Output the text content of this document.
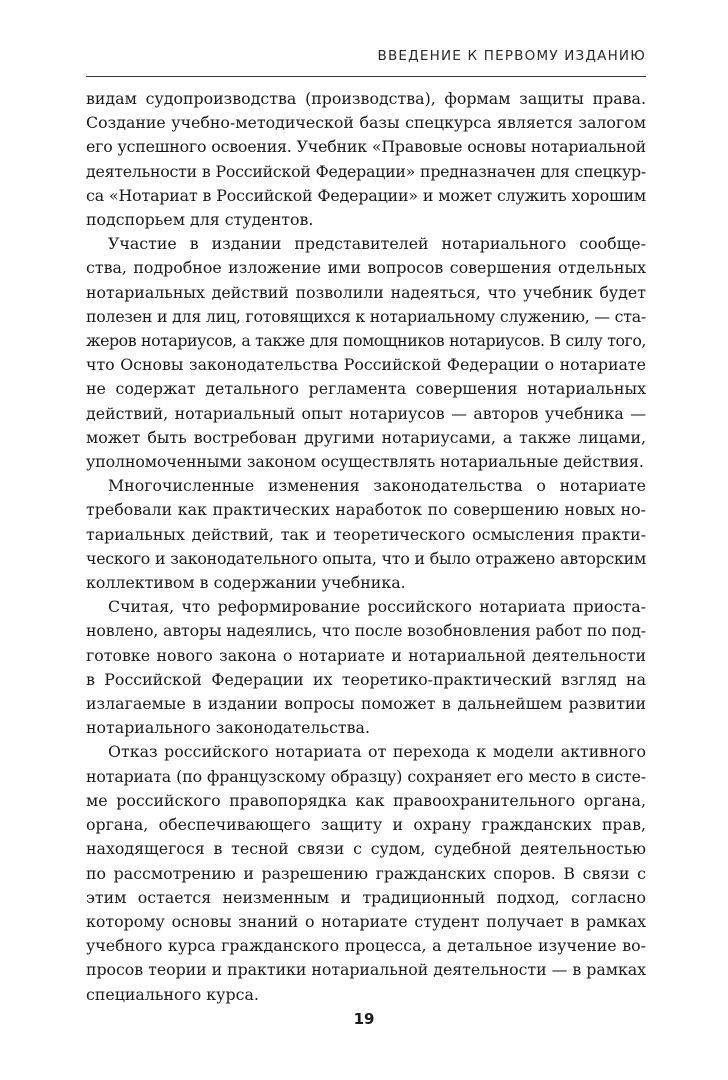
ВВЕДЕНИЕ К ПЕРВОМУ ИЗДАНИЮ
видам судопроизводства (производства), формам защиты права.
Создание учебно-методической базы спецкурса является залогом
его успешного освоения. Учебник «Правовые основы нотариальной
деятельности в Российской Федерации» предназначен для спецкур-
са «Нотариат в Российской Федерации» и может служить хорошим
подспорьем для студентов.
Участие в издании представителей нотариального сообще-
ства, подробное изложение ими вопросов совершения отдельных
нотариальных действий позволили надеяться, что учебник будет
полезен и для лиц, готовящихся к нотариальному служению, — ста-
жеров нотариусов, а также для помощников нотариусов. В силу того,
что Основы законодательства Российской Федерации о нотариате
не содержат детального регламента совершения нотариальных
действий, нотариальный опыт нотариусов — авторов учебника —
может быть востребован другими нотариусами, а также лицами,
уполномоченными законом осуществлять нотариальные действия.
Многочисленные изменения законодательства о нотариате
требовали как практических наработок по совершению новых но-
тариальных действий, так и теоретического осмысления практи-
ческого и законодательного опыта, что и было отражено авторским
коллективом в содержании учебника.
Считая, что реформирование российского нотариата приоста-
новлено, авторы надеялись, что после возобновления работ по под-
готовке нового закона о нотариате и нотариальной деятельности
в Российской Федерации их теоретико-практический взгляд на
излагаемые в издании вопросы поможет в дальнейшем развитии
нотариального законодательства.
Отказ российского нотариата от перехода к модели активного
нотариата (по французскому образцу) сохраняет его место в систе-
ме российского правопорядка как правоохранительного органа,
органа, обеспечивающего защиту и охрану гражданских прав,
находящегося в тесной связи с судом, судебной деятельностью
по рассмотрению и разрешению гражданских споров. В связи с
этим остается неизменным и традиционный подход, согласно
которому основы знаний о нотариате студент получает в рамках
учебного курса гражданского процесса, а детальное изучение во-
просов теории и практики нотариальной деятельности — в рамках
специального курса.
19
